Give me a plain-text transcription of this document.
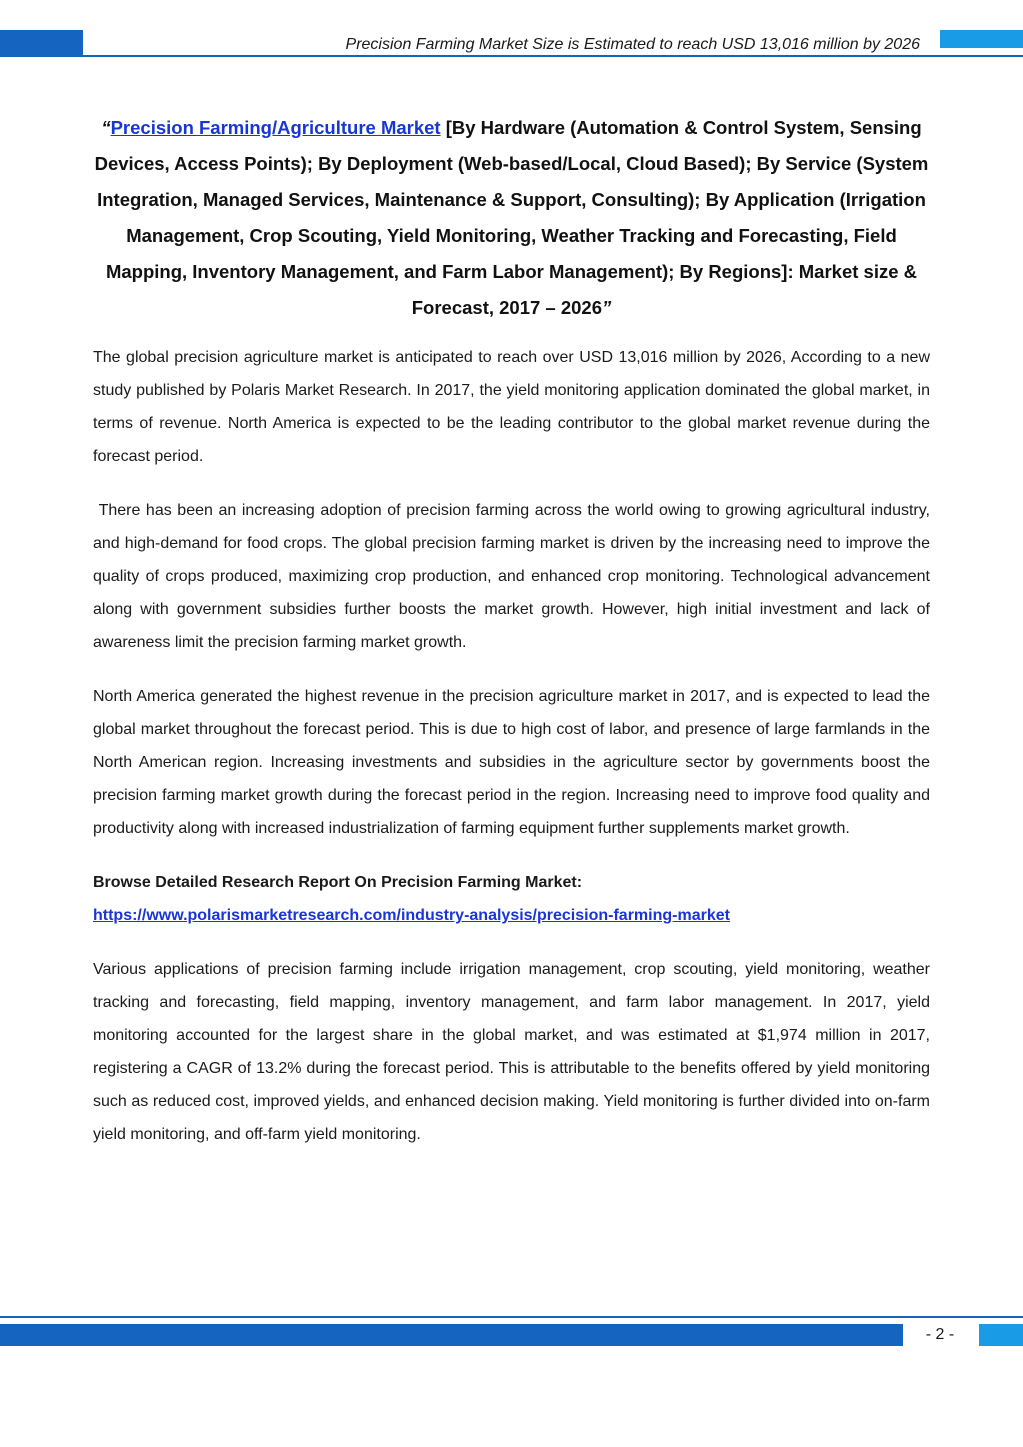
Precision Farming Market Size is Estimated to reach USD 13,016 million by 2026
“Precision Farming/Agriculture Market [By Hardware (Automation & Control System, Sensing Devices, Access Points); By Deployment (Web-based/Local, Cloud Based); By Service (System Integration, Managed Services, Maintenance & Support, Consulting); By Application (Irrigation Management, Crop Scouting, Yield Monitoring, Weather Tracking and Forecasting, Field Mapping, Inventory Management, and Farm Labor Management); By Regions]: Market size & Forecast, 2017 – 2026”

The global precision agriculture market is anticipated to reach over USD 13,016 million by 2026, According to a new study published by Polaris Market Research. In 2017, the yield monitoring application dominated the global market, in terms of revenue. North America is expected to be the leading contributor to the global market revenue during the forecast period.

There has been an increasing adoption of precision farming across the world owing to growing agricultural industry, and high-demand for food crops. The global precision farming market is driven by the increasing need to improve the quality of crops produced, maximizing crop production, and enhanced crop monitoring. Technological advancement along with government subsidies further boosts the market growth. However, high initial investment and lack of awareness limit the precision farming market growth.

North America generated the highest revenue in the precision agriculture market in 2017, and is expected to lead the global market throughout the forecast period. This is due to high cost of labor, and presence of large farmlands in the North American region. Increasing investments and subsidies in the agriculture sector by governments boost the precision farming market growth during the forecast period in the region. Increasing need to improve food quality and productivity along with increased industrialization of farming equipment further supplements market growth.

Browse Detailed Research Report On Precision Farming Market:

https://www.polarismarketresearch.com/industry-analysis/precision-farming-market

Various applications of precision farming include irrigation management, crop scouting, yield monitoring, weather tracking and forecasting, field mapping, inventory management, and farm labor management. In 2017, yield monitoring accounted for the largest share in the global market, and was estimated at $1,974 million in 2017, registering a CAGR of 13.2% during the forecast period. This is attributable to the benefits offered by yield monitoring such as reduced cost, improved yields, and enhanced decision making. Yield monitoring is further divided into on-farm yield monitoring, and off-farm yield monitoring.

- 2 -
